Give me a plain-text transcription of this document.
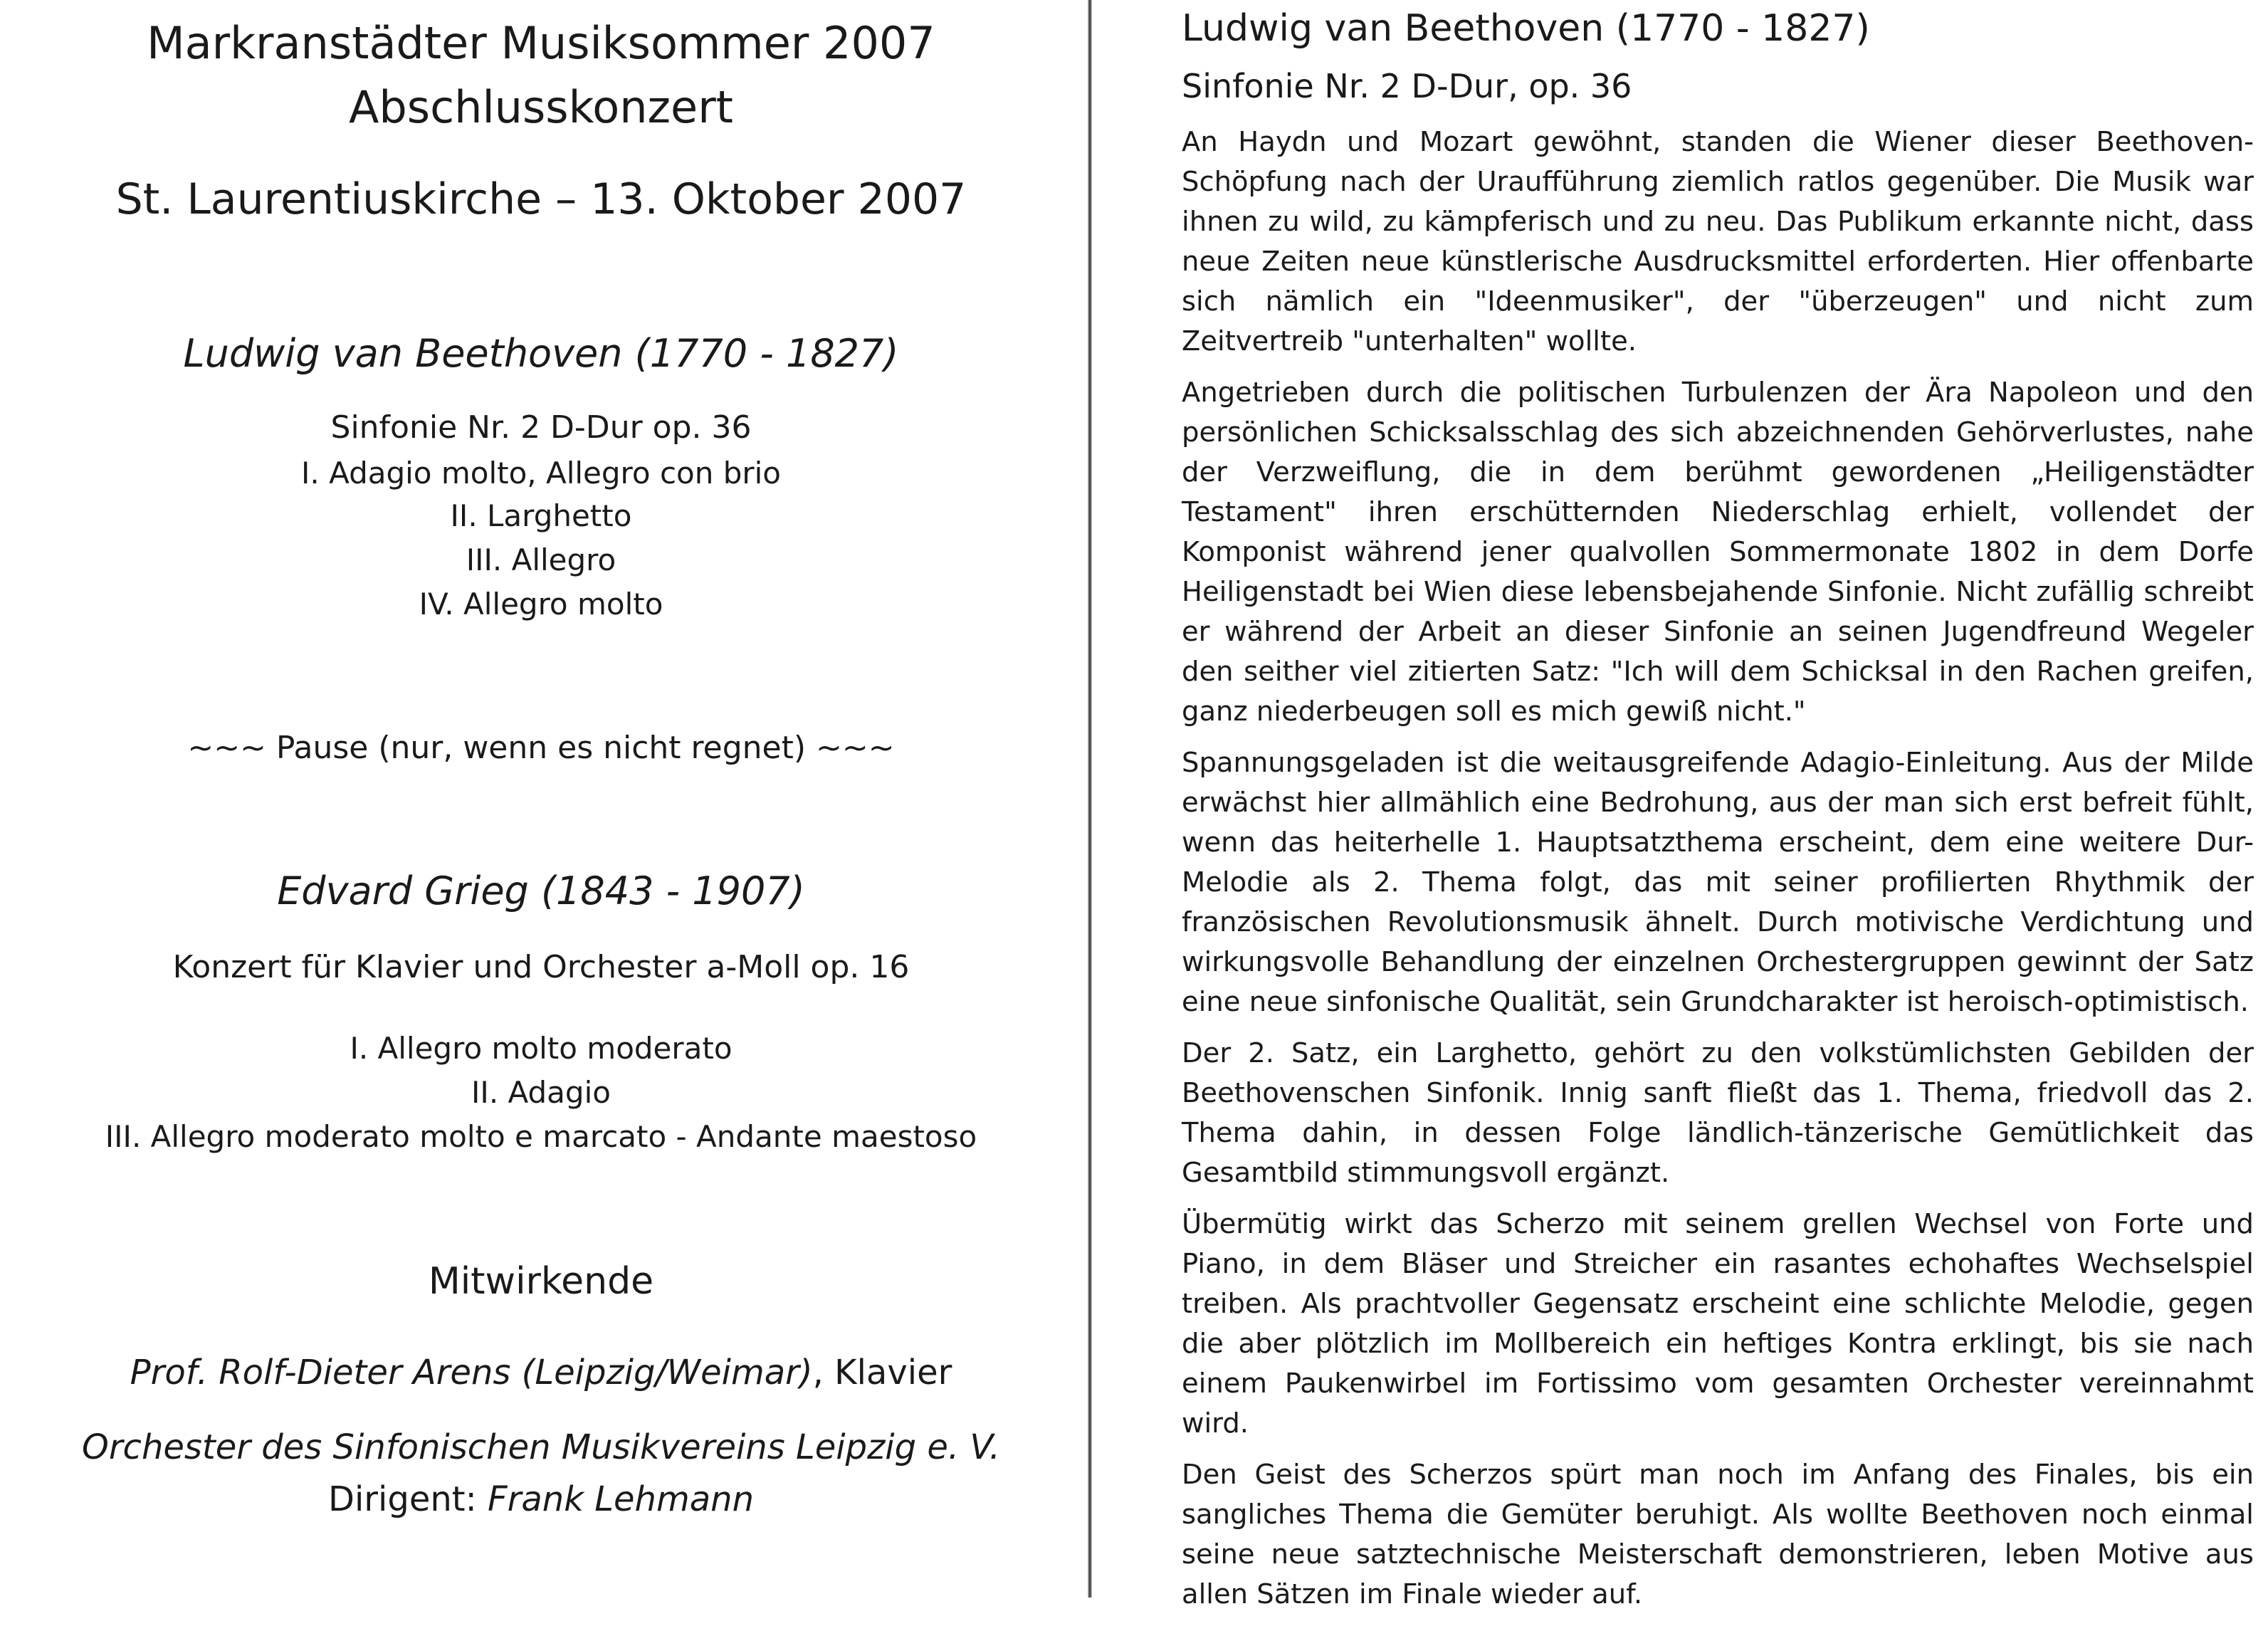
Markranstädter Musiksommer 2007
Abschlusskonzert
St. Laurentiuskirche – 13. Oktober 2007
Ludwig van Beethoven (1770 - 1827)
Sinfonie Nr. 2 D-Dur op. 36
I. Adagio molto, Allegro con brio
II. Larghetto
III. Allegro
IV. Allegro molto
~~~ Pause (nur, wenn es nicht regnet) ~~~
Edvard Grieg (1843 - 1907)
Konzert für Klavier und Orchester a-Moll op. 16
I. Allegro molto moderato
II. Adagio
III. Allegro moderato molto e marcato - Andante maestoso
Mitwirkende
Prof. Rolf-Dieter Arens (Leipzig/Weimar), Klavier
Orchester des Sinfonischen Musikvereins Leipzig e. V.
Dirigent: Frank Lehmann
Ludwig van Beethoven (1770 - 1827)
Sinfonie Nr. 2 D-Dur, op. 36

An Haydn und Mozart gewöhnt, standen die Wiener dieser Beethoven-Schöpfung nach der Uraufführung ziemlich ratlos gegenüber. Die Musik war ihnen zu wild, zu kämpferisch und zu neu. Das Publikum erkannte nicht, dass neue Zeiten neue künstlerische Ausdrucksmittel erforderten. Hier offenbarte sich nämlich ein "Ideenmusiker", der "überzeugen" und nicht zum Zeitvertreib "unterhalten" wollte.

Angetrieben durch die politischen Turbulenzen der Ära Napoleon und den persönlichen Schicksalsschlag des sich abzeichnenden Gehörverlustes, nahe der Verzweiflung, die in dem berühmt gewordenen „Heiligenstädter Testament" ihren erschütternden Niederschlag erhielt, vollendet der Komponist während jener qualvollen Sommermonate 1802 in dem Dorfe Heiligenstadt bei Wien diese lebensbejahende Sinfonie. Nicht zufällig schreibt er während der Arbeit an dieser Sinfonie an seinen Jugendfreund Wegeler den seither viel zitierten Satz: "Ich will dem Schicksal in den Rachen greifen, ganz niederbeugen soll es mich gewiß nicht."

Spannungsgeladen ist die weitausgreifende Adagio-Einleitung. Aus der Milde erwächst hier allmählich eine Bedrohung, aus der man sich erst befreit fühlt, wenn das heiterhelle 1. Hauptsatzthema erscheint, dem eine weitere Dur-Melodie als 2. Thema folgt, das mit seiner profilierten Rhythmik der französischen Revolutionsmusik ähnelt. Durch motivische Verdichtung und wirkungsvolle Behandlung der einzelnen Orchestergruppen gewinnt der Satz eine neue sinfonische Qualität, sein Grundcharakter ist heroisch-optimistisch.

Der 2. Satz, ein Larghetto, gehört zu den volkstümlichsten Gebilden der Beethovenschen Sinfonik. Innig sanft fließt das 1. Thema, friedvoll das 2. Thema dahin, in dessen Folge ländlich-tänzerische Gemütlichkeit das Gesamtbild stimmungsvoll ergänzt.

Übermütig wirkt das Scherzo mit seinem grellen Wechsel von Forte und Piano, in dem Bläser und Streicher ein rasantes echohaftes Wechselspiel treiben. Als prachtvoller Gegensatz erscheint eine schlichte Melodie, gegen die aber plötzlich im Mollbereich ein heftiges Kontra erklingt, bis sie nach einem Paukenwirbel im Fortissimo vom gesamten Orchester vereinnahmt wird.

Den Geist des Scherzos spürt man noch im Anfang des Finales, bis ein sangliches Thema die Gemüter beruhigt. Als wollte Beethoven noch einmal seine neue satztechnische Meisterschaft demonstrieren, leben Motive aus allen Sätzen im Finale wieder auf.
